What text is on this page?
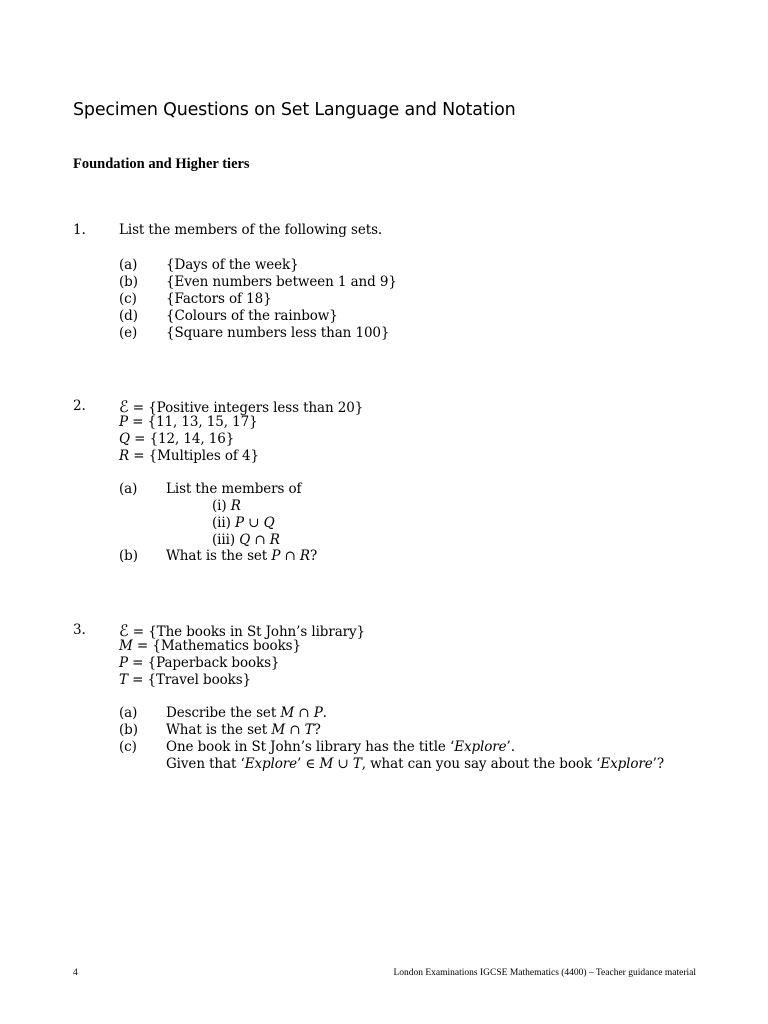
Specimen Questions on Set Language and Notation
Foundation and Higher tiers
1. List the members of the following sets.
(a) {Days of the week}
(b) {Even numbers between 1 and 9}
(c) {Factors of 18}
(d) {Colours of the rainbow}
(e) {Square numbers less than 100}
2. ℰ = {Positive integers less than 20}
P = {11, 13, 15, 17}
Q = {12, 14, 16}
R = {Multiples of 4}
(a) List the members of
(i) R
(ii) P ∪ Q
(iii) Q ∩ R
(b) What is the set P ∩ R?
3. ℰ = {The books in St John’s library}
M = {Mathematics books}
P = {Paperback books}
T = {Travel books}
(a) Describe the set M ∩ P.
(b) What is the set M ∩ T?
(c) One book in St John’s library has the title ‘Explore’.
Given that ‘Explore’ ∈ M ∪ T, what can you say about the book ‘Explore’?
4	London Examinations IGCSE Mathematics (4400) – Teacher guidance material
